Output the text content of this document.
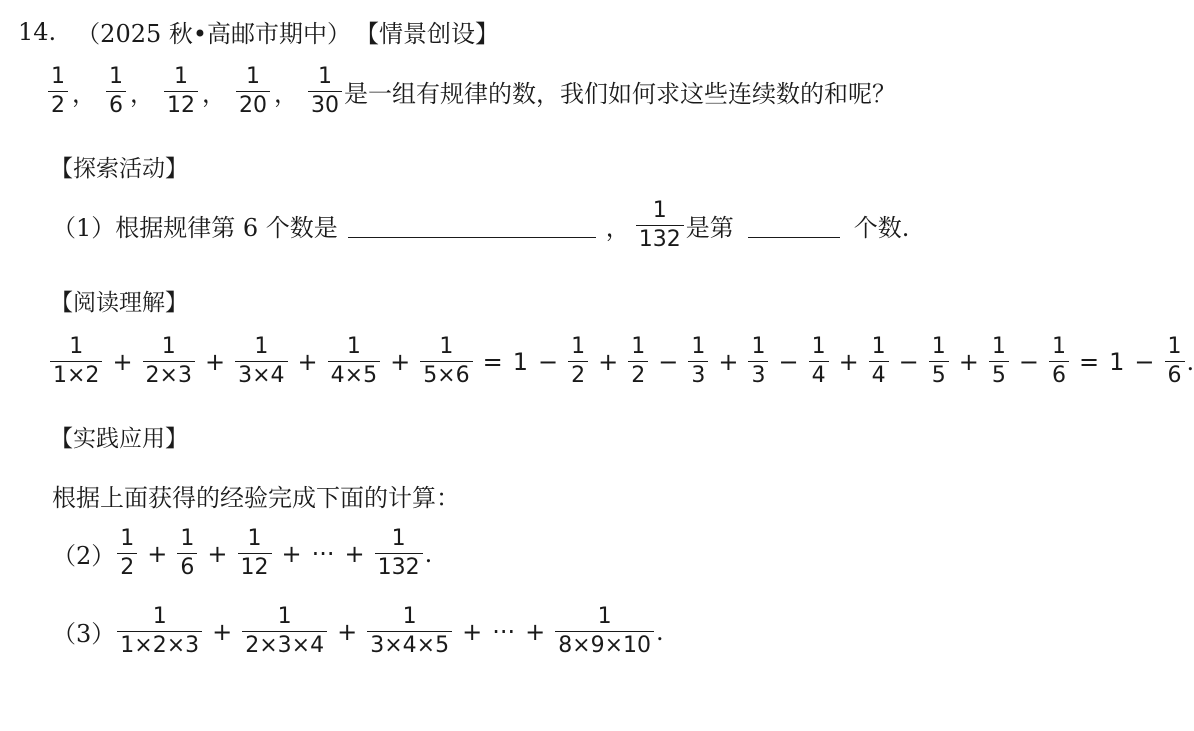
14. （2025 秋•高邮市期中） 【情景创设】
$\frac{1}{2}$ ， $\frac{1}{6}$ ， $\frac{1}{12}$ ， $\frac{1}{20}$ ， $\frac{1}{30}$ 是一组有规律的数，我们如何求这些连续数的和呢？
【探索活动】
（1）根据规律第 6 个数是	， $\frac{1}{132}$ 是第	个数.
【阅读理解】
$\frac{1}{1\times 2} + \frac{1}{2\times 3} + \frac{1}{3\times 4} + \frac{1}{4\times 5} + \frac{1}{5\times 6} = 1 - \frac{1}{2} + \frac{1}{2} - \frac{1}{3} + \frac{1}{3} - \frac{1}{4} + \frac{1}{4} - \frac{1}{5} + \frac{1}{5} - \frac{1}{6} = 1 - \frac{1}{6}$ .
【实践应用】
根据上面获得的经验完成下面的计算：
$(2) \frac{1}{2} + \frac{1}{6} + \frac{1}{12}$ + ··· + $\frac{1}{132}$ .
$(3) \frac{1}{1\times 2\times 3} + \frac{1}{2\times 3\times 4} + \frac{1}{3\times 4\times 5}$ + ··· + $\frac{1}{8\times 9\times 10}$ .
